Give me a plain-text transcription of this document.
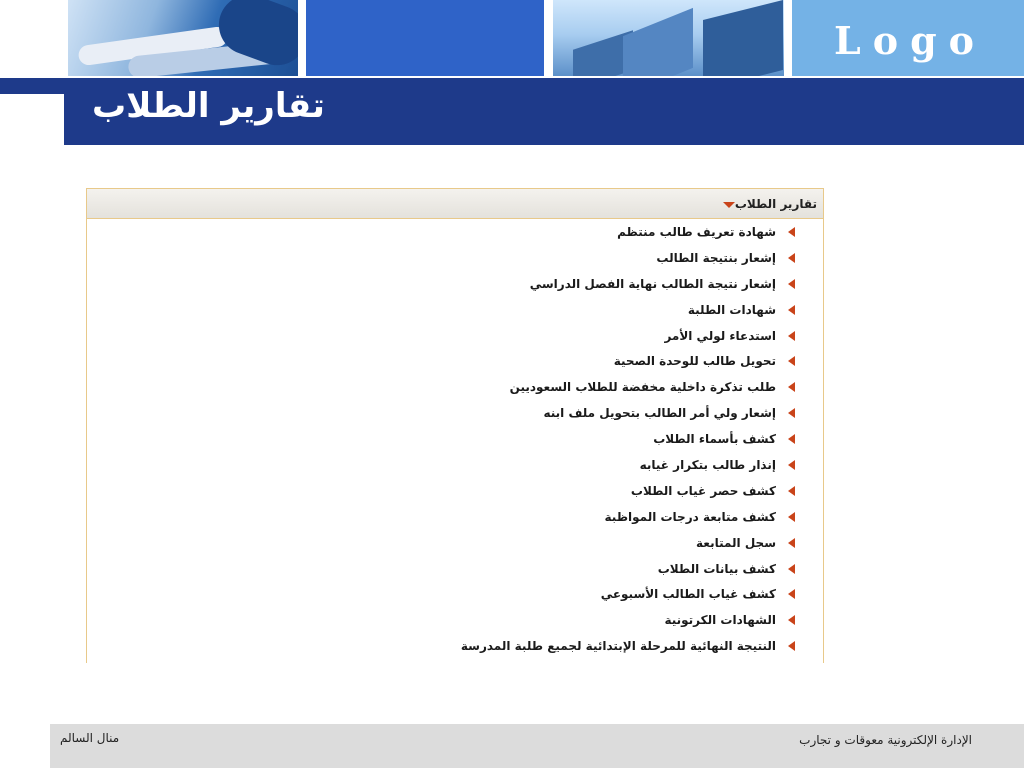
Logo
تقارير الطلاب
تقارير الطلاب
شهادة تعريف طالب منتظم
إشعار بنتيجة الطالب
إشعار نتيجة الطالب نهاية الفصل الدراسي
شهادات الطلبة
استدعاء لولي الأمر
تحويل طالب للوحدة الصحية
طلب تذكرة داخلية مخفضة للطلاب السعوديين
إشعار ولي أمر الطالب بتحويل ملف ابنه
كشف بأسماء الطلاب
إنذار طالب بتكرار غيابه
كشف حصر غياب الطلاب
كشف متابعة درجات المواظبة
سجل المتابعة
كشف بيانات الطلاب
كشف غياب الطالب الأسبوعي
الشهادات الكرتونية
النتيجة النهائية للمرحلة الإبتدائية لجميع طلبة المدرسة
منال السالم	الإدارة الإلكترونية معوقات و تجارب
